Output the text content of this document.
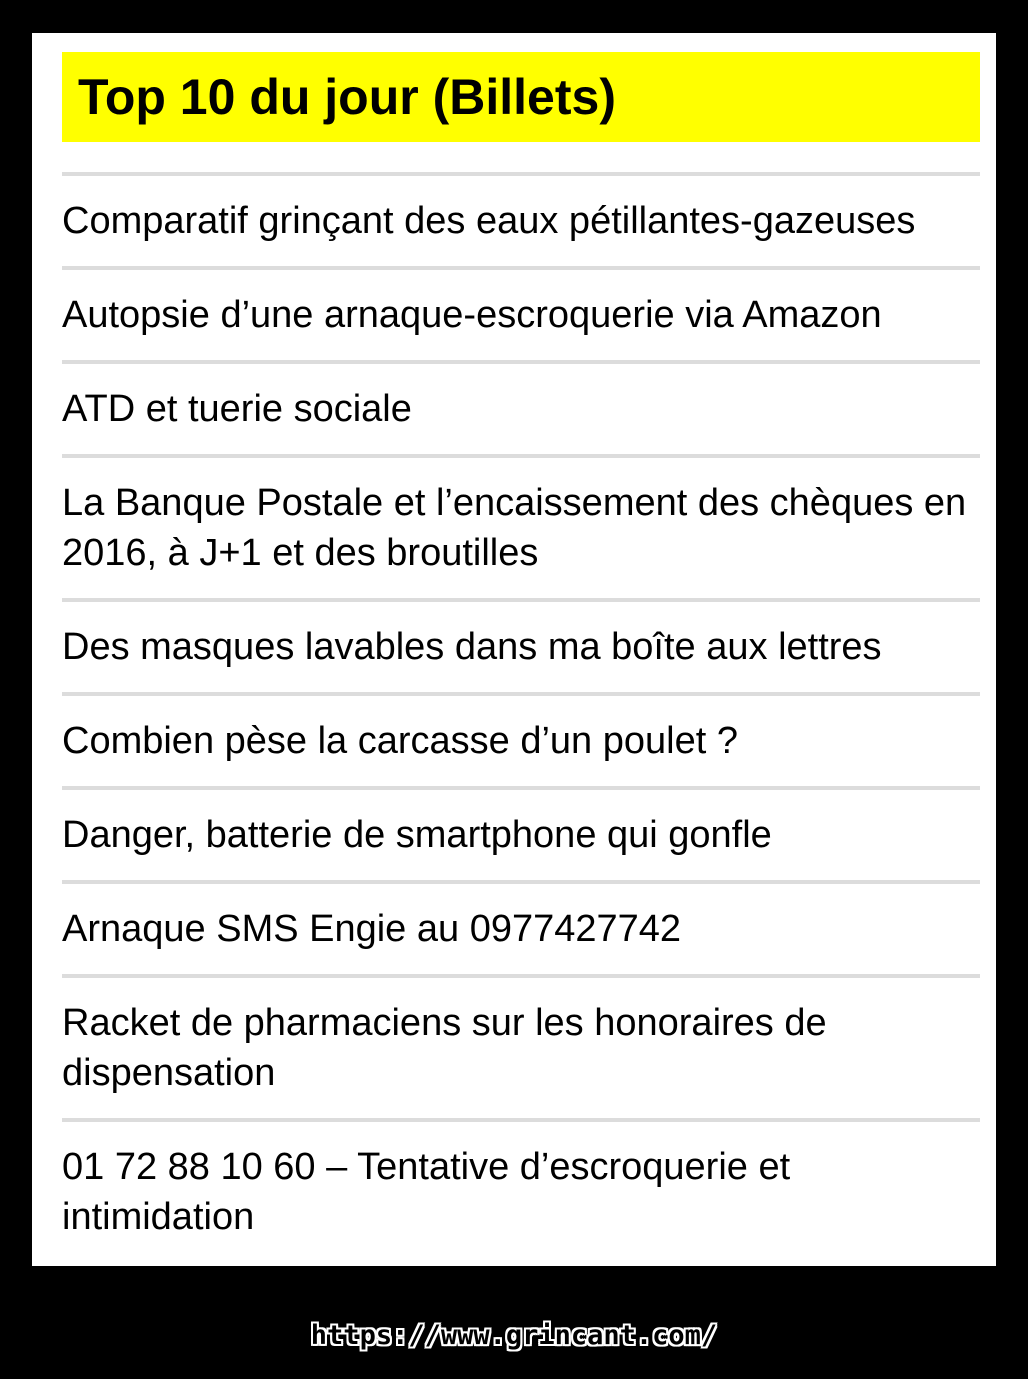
Top 10 du jour (Billets)
Comparatif grinçant des eaux pétillantes-gazeuses
Autopsie d’une arnaque-escroquerie via Amazon
ATD et tuerie sociale
La Banque Postale et l’encaissement des chèques en 2016, à J+1 et des broutilles
Des masques lavables dans ma boîte aux lettres
Combien pèse la carcasse d’un poulet ?
Danger, batterie de smartphone qui gonfle
Arnaque SMS Engie au 0977427742
Racket de pharmaciens sur les honoraires de dispensation
01 72 88 10 60 – Tentative d’escroquerie et intimidation
https://www.grincant.com/
